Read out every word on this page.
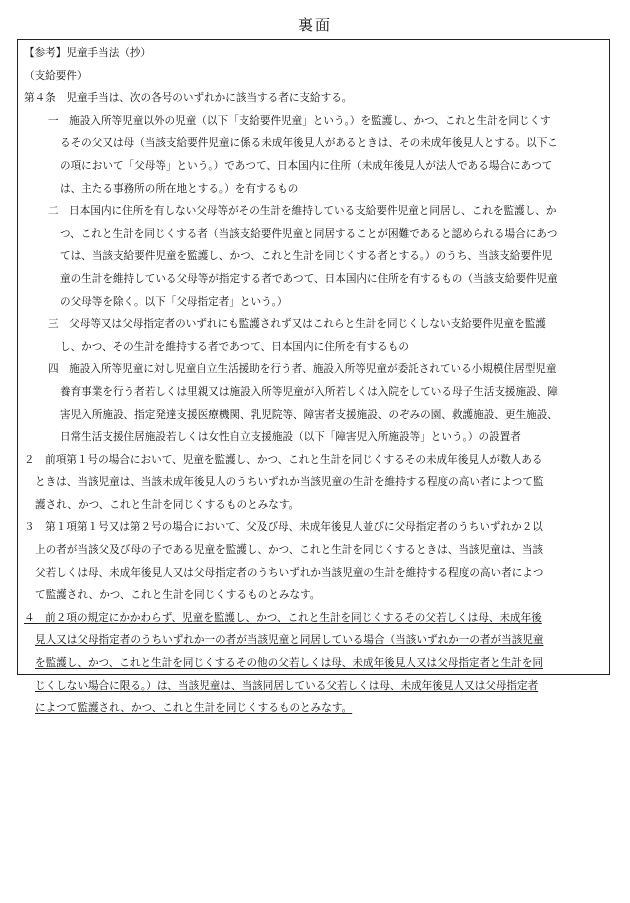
裏面
【参考】児童手当法（抄）
（支給要件）
第４条　児童手当は、次の各号のいずれかに該当する者に支給する。
一　施設入所等児童以外の児童（以下「支給要件児童」という。）を監護し、かつ、これと生計を同じくす
るその父又は母（当該支給要件児童に係る未成年後見人があるときは、その未成年後見人とする。以下こ
の項において「父母等」という。）であつて、日本国内に住所（未成年後見人が法人である場合にあつて
は、主たる事務所の所在地とする。）を有するもの
二　日本国内に住所を有しない父母等がその生計を維持している支給要件児童と同居し、これを監護し、か
つ、これと生計を同じくする者（当該支給要件児童と同居することが困難であると認められる場合にあつ
ては、当該支給要件児童を監護し、かつ、これと生計を同じくする者とする。）のうち、当該支給要件児
童の生計を維持している父母等が指定する者であつて、日本国内に住所を有するもの（当該支給要件児童
の父母等を除く。以下「父母指定者」という。）
三　父母等又は父母指定者のいずれにも監護されず又はこれらと生計を同じくしない支給要件児童を監護
し、かつ、その生計を維持する者であつて、日本国内に住所を有するもの
四　施設入所等児童に対し児童自立生活援助を行う者、施設入所等児童が委託されている小規模住居型児童
養育事業を行う者若しくは里親又は施設入所等児童が入所若しくは入院をしている母子生活支援施設、障
害児入所施設、指定発達支援医療機関、乳児院等、障害者支援施設、のぞみの園、救護施設、更生施設、
日常生活支援住居施設若しくは女性自立支援施設（以下「障害児入所施設等」という。）の設置者
２　前項第１号の場合において、児童を監護し、かつ、これと生計を同じくするその未成年後見人が数人ある
ときは、当該児童は、当該未成年後見人のうちいずれか当該児童の生計を維持する程度の高い者によつて監
護され、かつ、これと生計を同じくするものとみなす。
３　第１項第１号又は第２号の場合において、父及び母、未成年後見人並びに父母指定者のうちいずれか２以
上の者が当該父及び母の子である児童を監護し、かつ、これと生計を同じくするときは、当該児童は、当該
父若しくは母、未成年後見人又は父母指定者のうちいずれか当該児童の生計を維持する程度の高い者によつ
て監護され、かつ、これと生計を同じくするものとみなす。
４　前２項の規定にかかわらず、児童を監護し、かつ、これと生計を同じくするその父若しくは母、未成年後
見人又は父母指定者のうちいずれか一の者が当該児童と同居している場合（当該いずれか一の者が当該児童
を監護し、かつ、これと生計を同じくするその他の父若しくは母、未成年後見人又は父母指定者と生計を同
じくしない場合に限る。）は、当該児童は、当該同居している父若しくは母、未成年後見人又は父母指定者
によつて監護され、かつ、これと生計を同じくするものとみなす。
